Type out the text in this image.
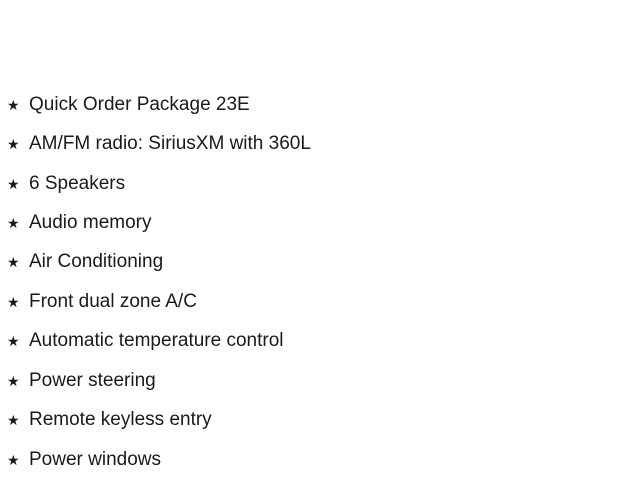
★ Quick Order Package 23E
★ AM/FM radio: SiriusXM with 360L
★ 6 Speakers
★ Audio memory
★ Air Conditioning
★ Front dual zone A/C
★ Automatic temperature control
★ Power steering
★ Remote keyless entry
★ Power windows
